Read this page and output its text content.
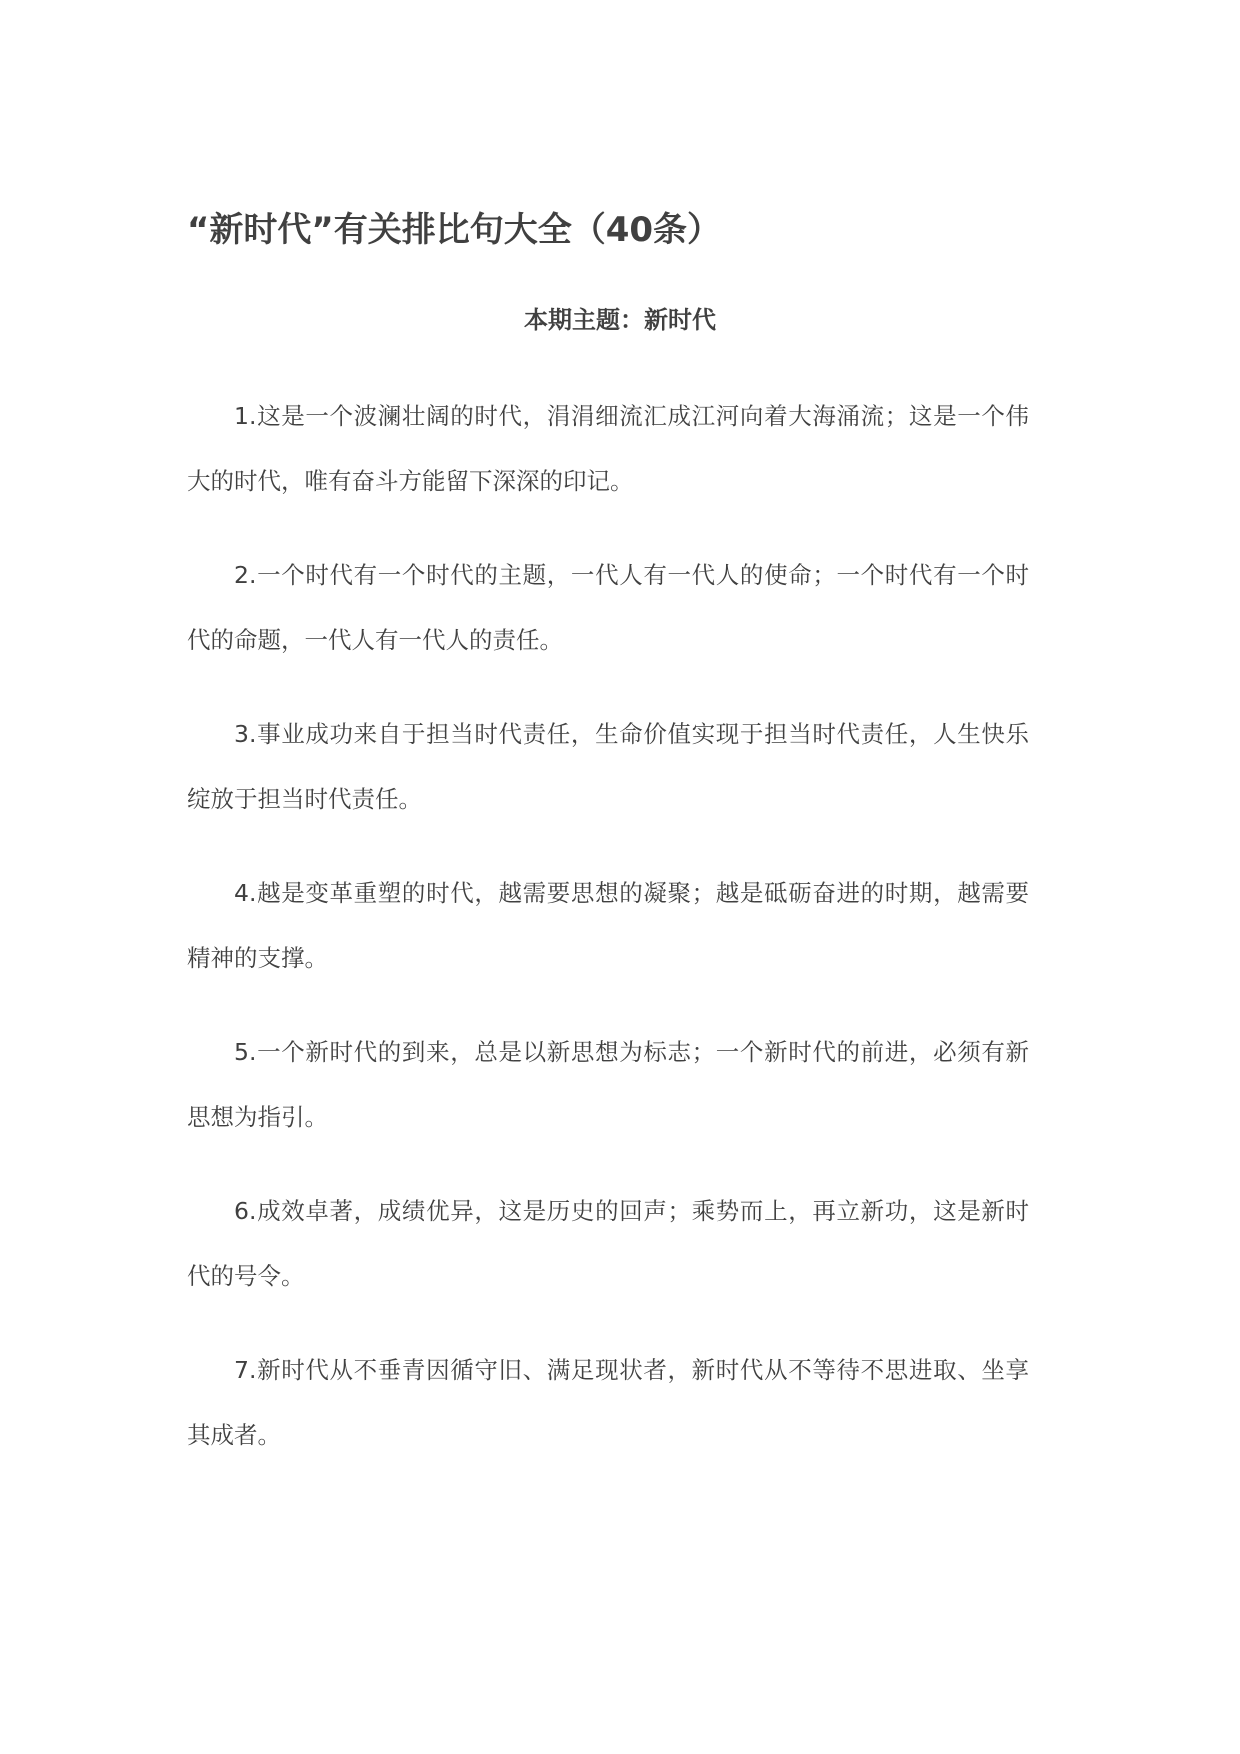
“新时代”有关排比句大全（40条）
本期主题：新时代
1.这是一个波澜壮阔的时代，涓涓细流汇成江河向着大海涌流；这是一个伟大的时代，唯有奋斗方能留下深深的印记。
2.一个时代有一个时代的主题，一代人有一代人的使命；一个时代有一个时代的命题，一代人有一代人的责任。
3.事业成功来自于担当时代责任，生命价值实现于担当时代责任，人生快乐绽放于担当时代责任。
4.越是变革重塑的时代，越需要思想的凝聚；越是砥砺奋进的时期，越需要精神的支撑。
5.一个新时代的到来，总是以新思想为标志；一个新时代的前进，必须有新思想为指引。
6.成效卓著，成绩优异，这是历史的回声；乘势而上，再立新功，这是新时代的号令。
7.新时代从不垂青因循守旧、满足现状者，新时代从不等待不思进取、坐享其成者。
